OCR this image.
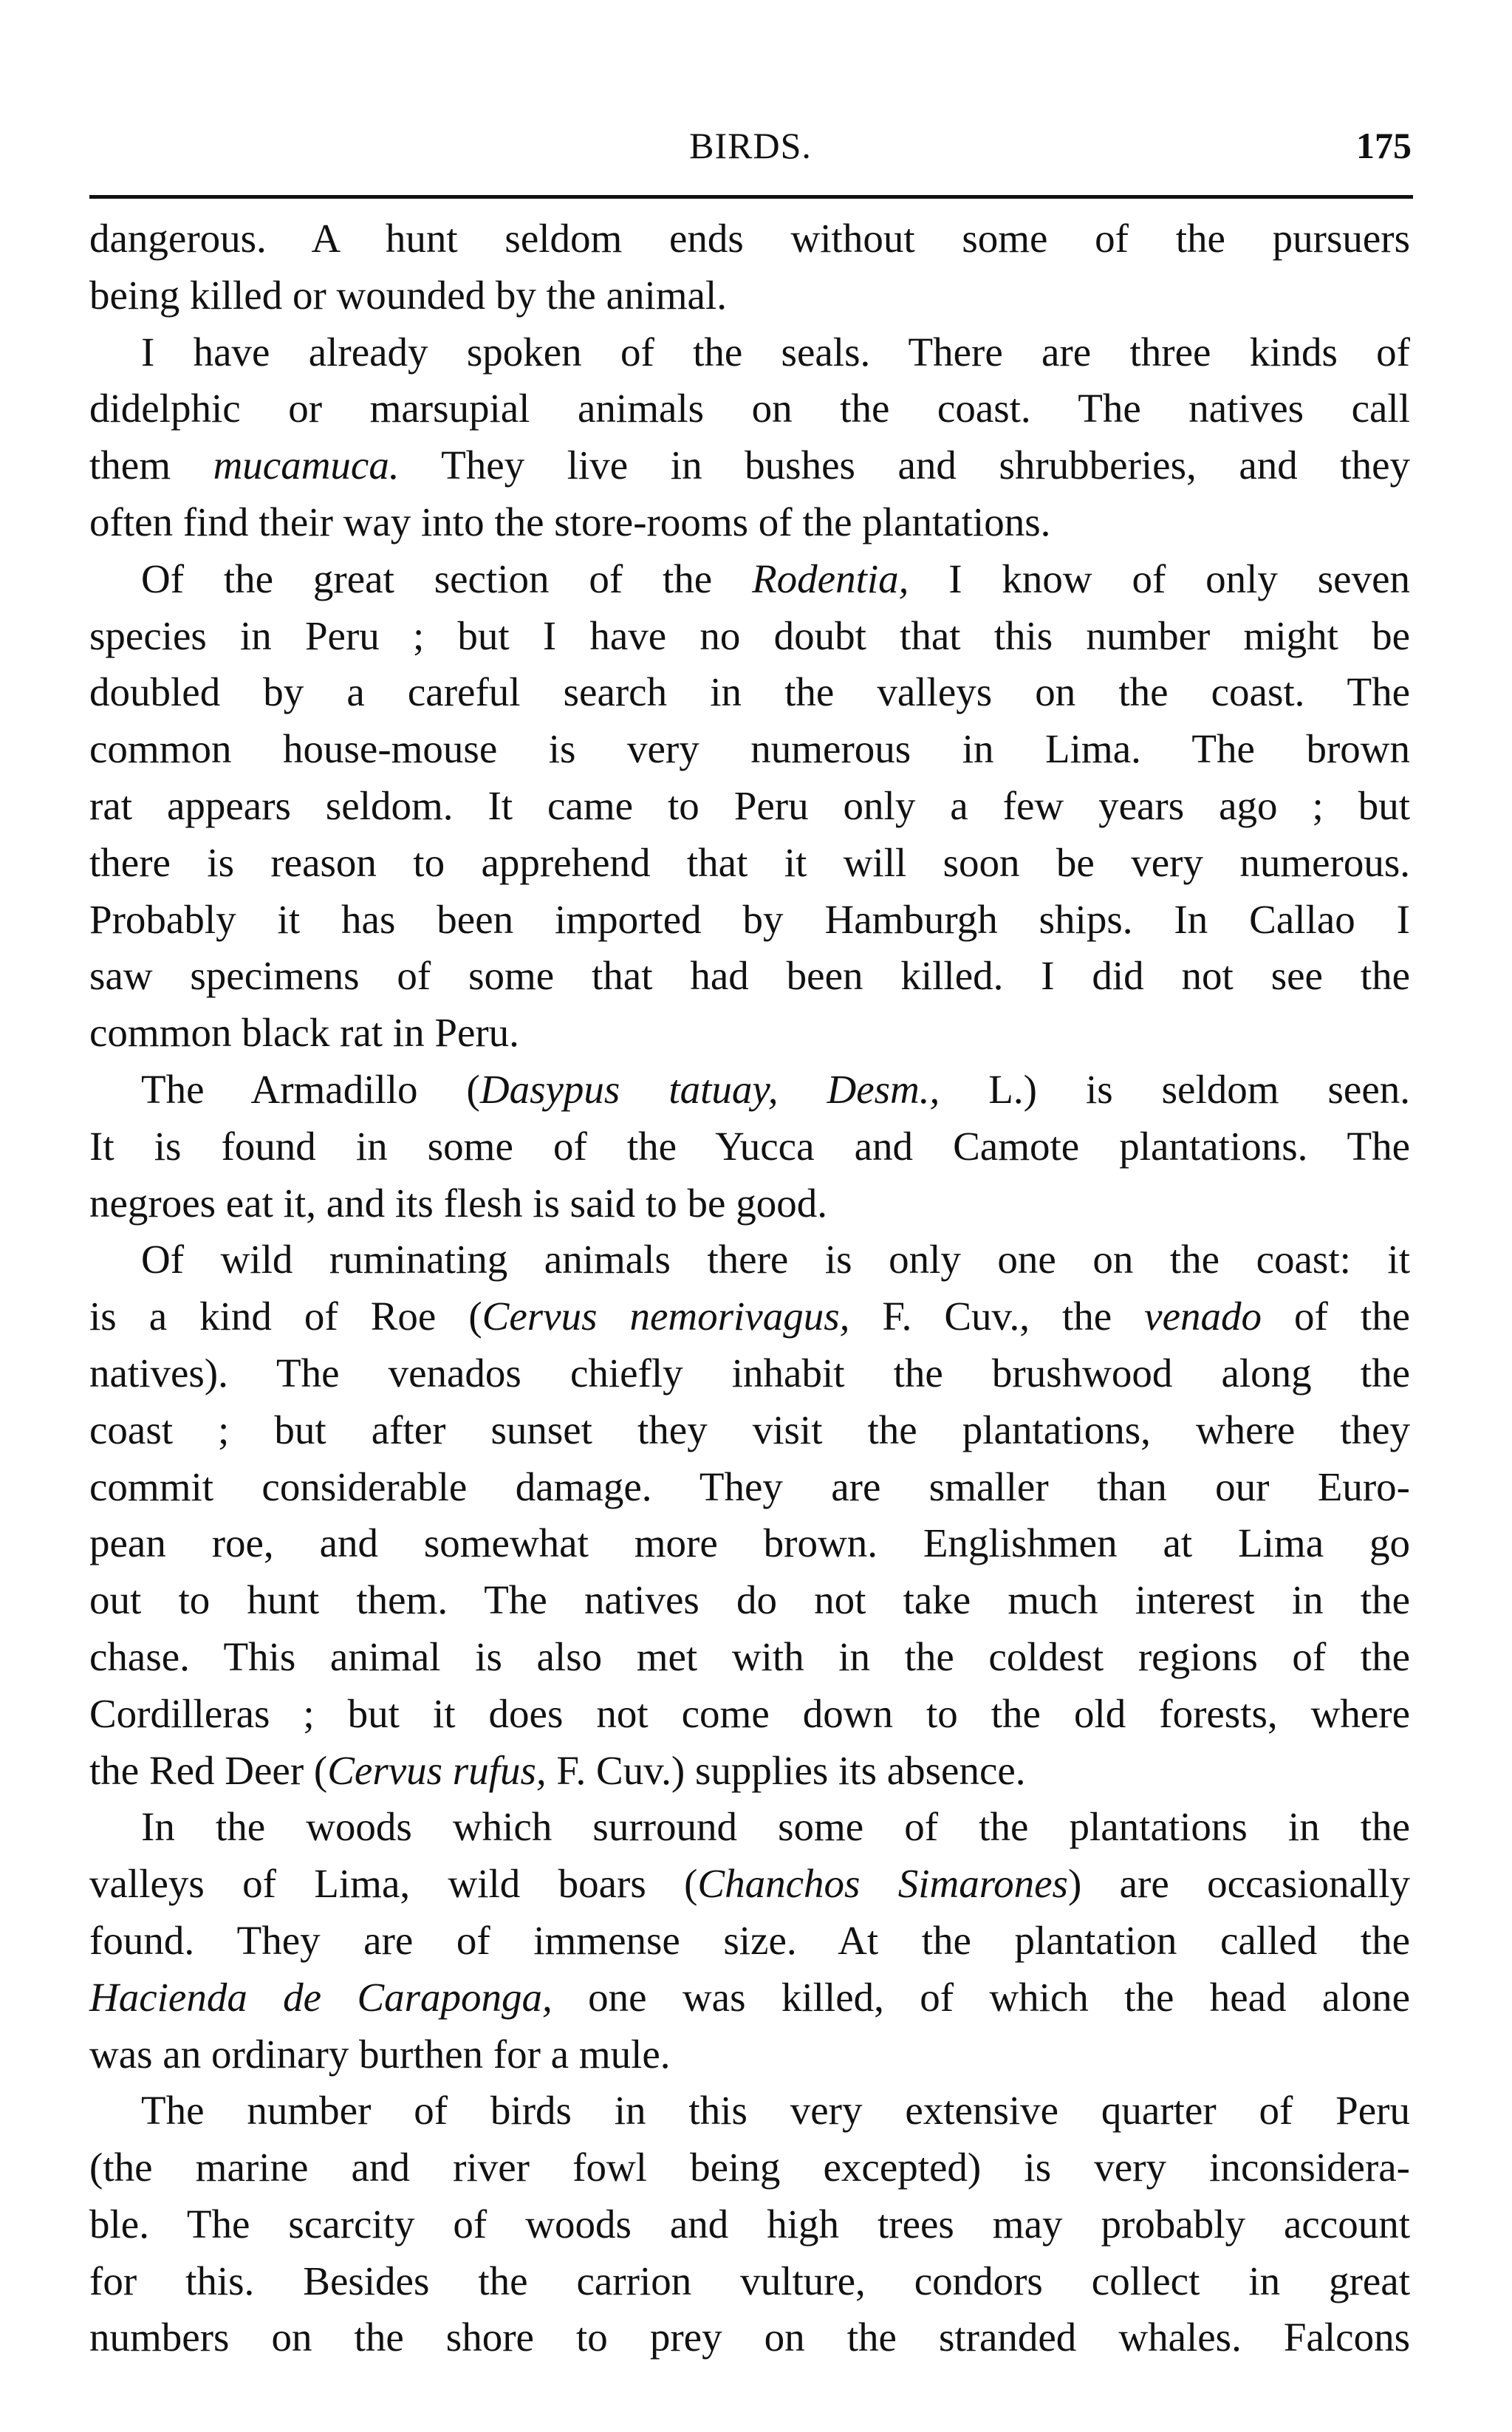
BIRDS.	175
dangerous. A hunt seldom ends without some of the pursuers
being killed or wounded by the animal.
I have already spoken of the seals. There are three kinds of
didelphic or marsupial animals on the coast. The natives call
them mucamuca. They live in bushes and shrubberies, and they
often find their way into the store-rooms of the plantations.
Of the great section of the Rodentia, I know of only seven
species in Peru ; but I have no doubt that this number might be
doubled by a careful search in the valleys on the coast. The
common house-mouse is very numerous in Lima. The brown
rat appears seldom. It came to Peru only a few years ago ; but
there is reason to apprehend that it will soon be very numerous.
Probably it has been imported by Hamburgh ships. In Callao I
saw specimens of some that had been killed. I did not see the
common black rat in Peru.
The Armadillo (Dasypus tatuay, Desm., L.) is seldom seen.
It is found in some of the Yucca and Camote plantations. The
negroes eat it, and its flesh is said to be good.
Of wild ruminating animals there is only one on the coast: it
is a kind of Roe (Cervus nemorivagus, F. Cuv., the venado of the
natives). The venados chiefly inhabit the brushwood along the
coast ; but after sunset they visit the plantations, where they
commit considerable damage. They are smaller than our Euro-
pean roe, and somewhat more brown. Englishmen at Lima go
out to hunt them. The natives do not take much interest in the
chase. This animal is also met with in the coldest regions of the
Cordilleras ; but it does not come down to the old forests, where
the Red Deer (Cervus rufus, F. Cuv.) supplies its absence.
In the woods which surround some of the plantations in the
valleys of Lima, wild boars (Chanchos Simarones) are occasionally
found. They are of immense size. At the plantation called the
Hacienda de Caraponga, one was killed, of which the head alone
was an ordinary burthen for a mule.
The number of birds in this very extensive quarter of Peru
(the marine and river fowl being excepted) is very inconsidera-
ble. The scarcity of woods and high trees may probably account
for this. Besides the carrion vulture, condors collect in great
numbers on the shore to prey on the stranded whales. Falcons
